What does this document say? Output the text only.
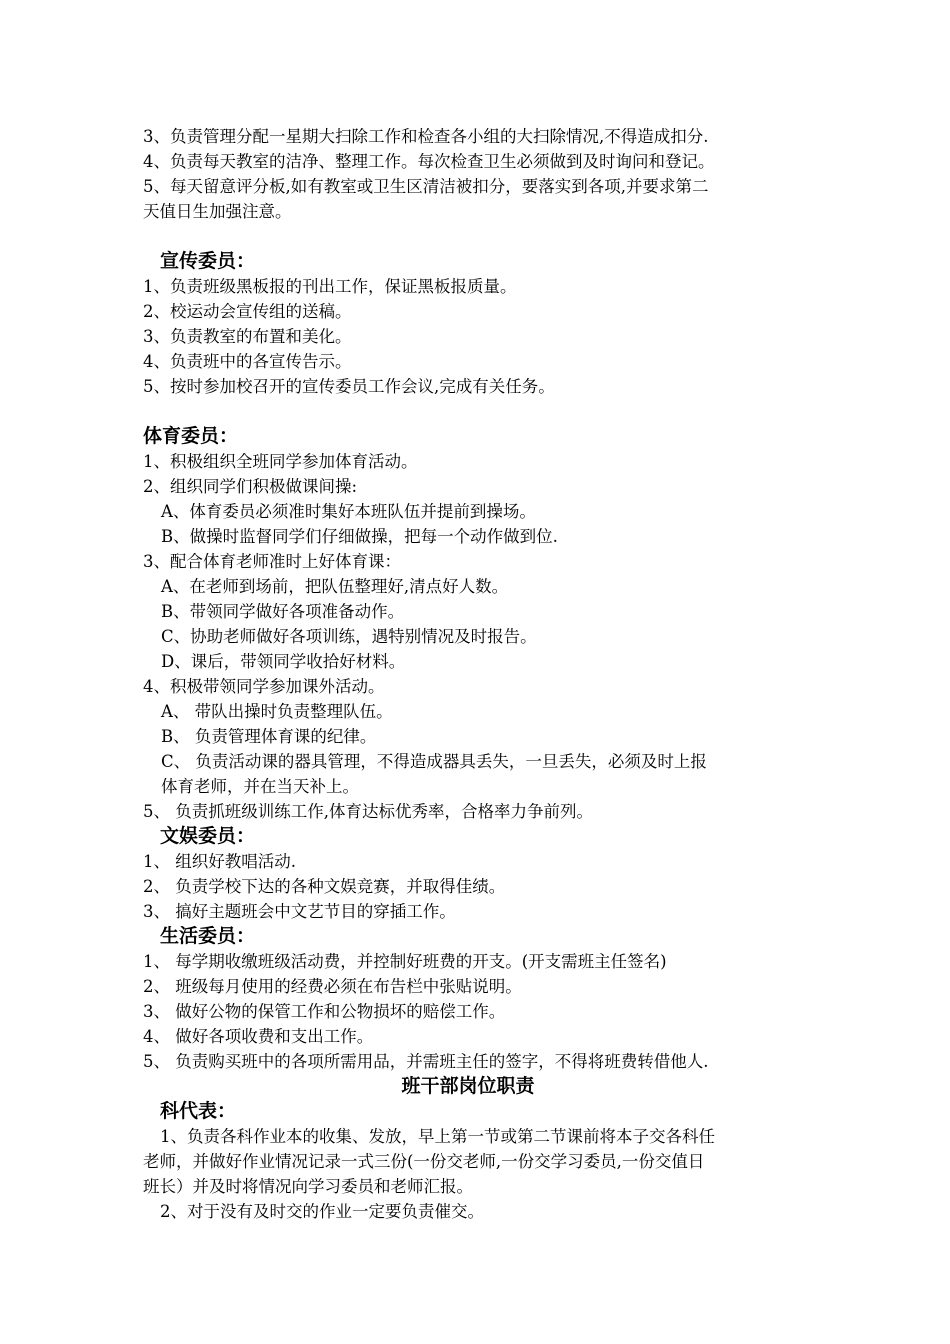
3、负责管理分配一星期大扫除工作和检查各小组的大扫除情况,不得造成扣分.
4、负责每天教室的洁净、整理工作。每次检查卫生必须做到及时询问和登记。
5、每天留意评分板,如有教室或卫生区清洁被扣分，要落实到各项,并要求第二
天值日生加强注意。
宣传委员：
1、负责班级黑板报的刊出工作，保证黑板报质量。
2、校运动会宣传组的送稿。
3、负责教室的布置和美化。
4、负责班中的各宣传告示。
5、按时参加校召开的宣传委员工作会议,完成有关任务。
体育委员：
1、积极组织全班同学参加体育活动。
2、组织同学们积极做课间操:
A、体育委员必须准时集好本班队伍并提前到操场。
B、做操时监督同学们仔细做操，把每一个动作做到位.
3、配合体育老师准时上好体育课：
A、在老师到场前，把队伍整理好,清点好人数。
B、带领同学做好各项准备动作。
C、协助老师做好各项训练，遇特别情况及时报告。
D、课后，带领同学收拾好材料。
4、积极带领同学参加课外活动。
A、 带队出操时负责整理队伍。
B、 负责管理体育课的纪律。
C、 负责活动课的器具管理，不得造成器具丢失，一旦丢失，必须及时上报
体育老师，并在当天补上。
5、 负责抓班级训练工作,体育达标优秀率，合格率力争前列。
文娱委员：
1、 组织好教唱活动.
2、 负责学校下达的各种文娱竞赛，并取得佳绩。
3、 搞好主题班会中文艺节目的穿插工作。
生活委员：
1、 每学期收缴班级活动费，并控制好班费的开支。(开支需班主任签名)
2、 班级每月使用的经费必须在布告栏中张贴说明。
3、 做好公物的保管工作和公物损坏的赔偿工作。
4、 做好各项收费和支出工作。
5、 负责购买班中的各项所需用品，并需班主任的签字，不得将班费转借他人.
班干部岗位职责
科代表：
1、负责各科作业本的收集、发放，早上第一节或第二节课前将本子交各科任
老师，并做好作业情况记录一式三份(一份交老师,一份交学习委员,一份交值日
班长）并及时将情况向学习委员和老师汇报。
2、对于没有及时交的作业一定要负责催交。
